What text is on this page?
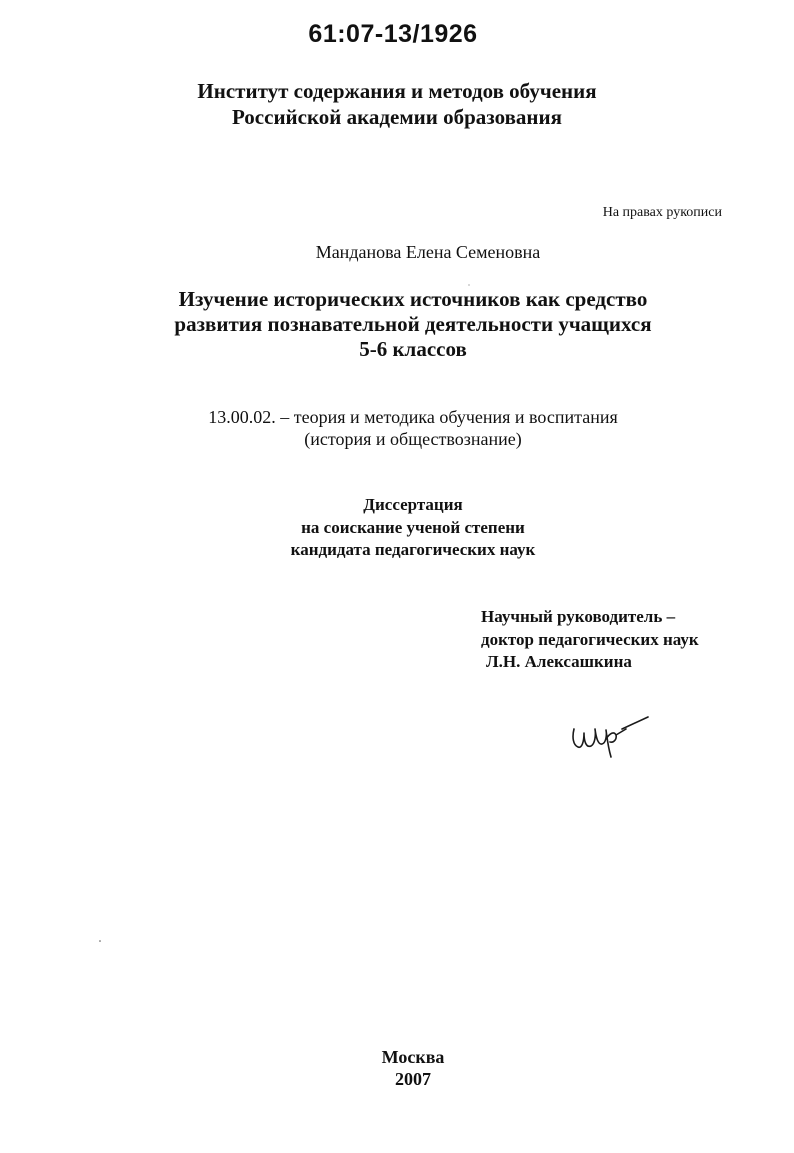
61:07-13/1926
Институт содержания и методов обучения
Российской академии образования
На правах рукописи
Манданова Елена Семеновна
Изучение исторических источников как средство
развития познавательной деятельности учащихся
5-6 классов
13.00.02. – теория и методика обучения и воспитания
(история и обществознание)
Диссертация
на соискание ученой степени
кандидата педагогических наук
Научный руководитель –
доктор педагогических наук
Л.Н. Алексашкина
Москва
2007
